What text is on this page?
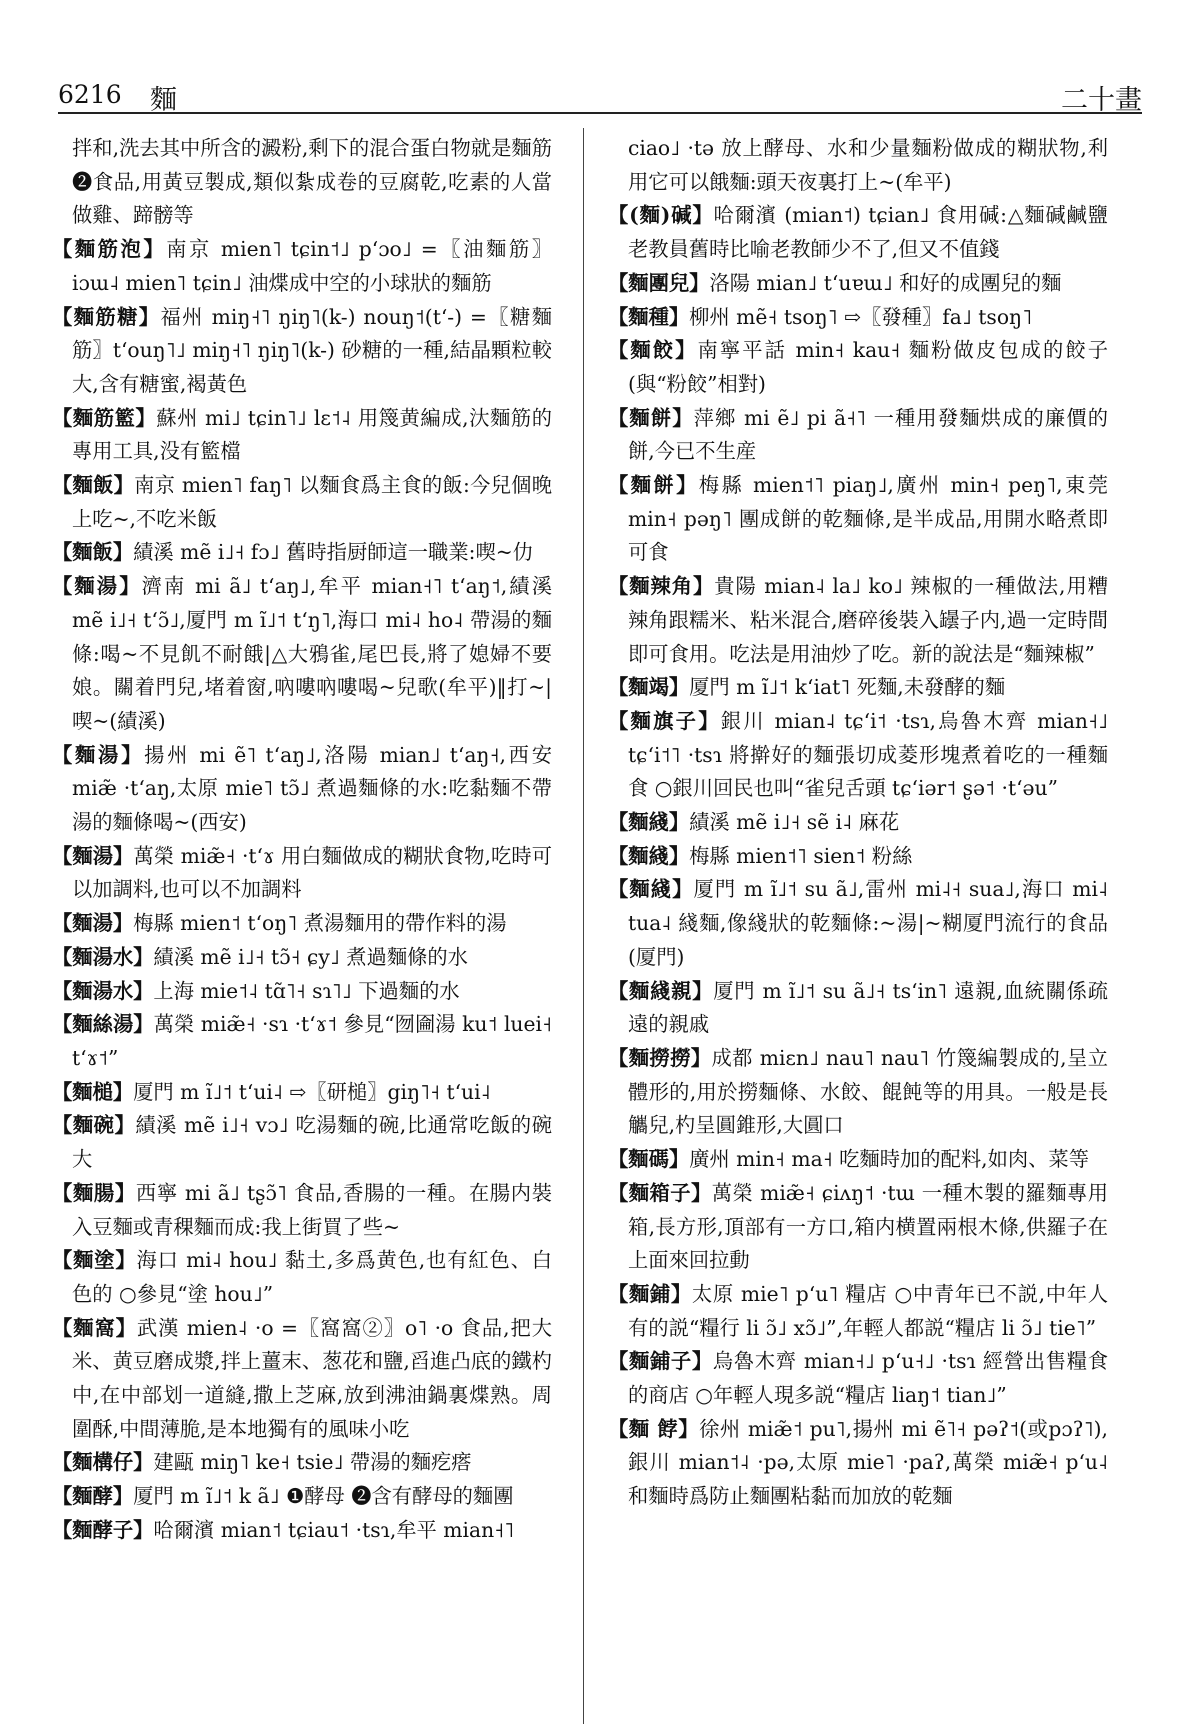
6216 麵	二十畫

拌和,洗去其中所含的澱粉,剩下的混合蛋白物就是麵筋 ❷食品,用黃豆製成,類似紮成卷的豆腐乾,吃素的人當做雞、蹄髈等

【麵筋泡】南京 mien˥ tɕin˦˩ pʻɔo˩ =〖油麵筋〗iɔɯ˨ mien˥ tɕin˩ 油煠成中空的小球狀的麵筋

【麵筋糖】福州 miŋ˧˥ ŋiŋ˥(k-) nouŋ˦(tʻ-) =〖糖麵筋〗tʻouŋ˥˩ miŋ˧˥ ŋiŋ˥(k-) 砂糖的一種,結晶顆粒較大,含有糖蜜,褐黃色

【麵筋籃】蘇州 mi˩ tɕin˥˩ lɛ˦˨ 用篾黄編成,汏麵筋的專用工具,没有籃檔

【麵飯】南京 mien˥ faŋ˥ 以麵食爲主食的飯:今兒個晚上吃~,不吃米飯

【麵飯】績溪 mẽ i˩˧ fɔ˩ 舊時指厨師這一職業:喫~仂

【麵湯】濟南 mi ã˩ tʻaŋ˩,牟平 mian˧˥ tʻaŋ˦,績溪 mẽ i˩˧ tʻɔ̃˩,厦門 m ĩ˩˦ tʻŋ˥,海口 mi˨ ho˨ 帶湯的麵條:喝~不見飢不耐餓|△大鴉雀,尾巴長,將了媳婦不要娘。關着門兒,堵着窗,吶嘍吶嘍喝~兒歌(牟平)‖打~|喫~(績溪)

【麵湯】揚州 mi ẽ˥ tʻaŋ˩,洛陽 mian˩ tʻaŋ˧,西安 miæ̃ ·tʻaŋ,太原 mie˥ tɔ̃˩ 煮過麵條的水:吃黏麵不帶湯的麵條喝~(西安)

【麵湯】萬榮 miæ̃˧ ·tʻɤ 用白麵做成的糊狀食物,吃時可以加調料,也可以不加調料

【麵湯】梅縣 mien˦ tʻoŋ˥ 煮湯麵用的帶作料的湯

【麵湯水】績溪 mẽ i˩˧ tɔ̃˧ ɕy˩ 煮過麵條的水

【麵湯水】上海 mie˦˨ tɑ̃˥˧ sɿ˥˩ 下過麵的水

【麵絲湯】萬榮 miæ̃˧ ·sɿ ·tʻɤ˦ 參見“囫圇湯 ku˦ luei˧ tʻɤ˦”

【麵槌】厦門 m ĩ˩˦ tʻui˨ ⇨〖研槌〗giŋ˥˧ tʻui˨

【麵碗】績溪 mẽ i˩˧ vɔ˩ 吃湯麵的碗,比通常吃飯的碗大

【麵腸】西寧 mi ã˩ tʂɔ̃˥ 食品,香腸的一種。在腸内裝入豆麵或青稞麵而成:我上街買了些~

【麵塗】海口 mi˨ hou˩ 黏土,多爲黄色,也有紅色、白色的 ○參見“塗 hou˩”

【麵窩】武漢 mien˨ ·o =〖窩窩②〗o˥ ·o 食品,把大米、黄豆磨成漿,拌上薑末、葱花和鹽,舀進凸底的鐵杓中,在中部划一道縫,撒上芝麻,放到沸油鍋裏煠熟。周圍酥,中間薄脆,是本地獨有的風味小吃

【麵構仔】建甌 miŋ˥ ke˧ tsie˩ 帶湯的麵疙瘩

【麵酵】厦門 m ĩ˩˦ k ã˩ ❶酵母 ❷含有酵母的麵團

【麵酵子】哈爾濱 mian˦ tɕiau˦ ·tsɿ,牟平 mian˧˥

ciao˩ ·tə 放上酵母、水和少量麵粉做成的糊狀物,利用它可以餓麵:頭天夜裏打上~(牟平)

【(麵)碱】哈爾濱 (mian˦) tɕian˩ 食用碱:△麵碱鹹鹽老教員舊時比喻老教師少不了,但又不值錢

【麵團兒】洛陽 mian˩ tʻuɐɯ˩ 和好的成團兒的麵

【麵種】柳州 mẽ˧ tsoŋ˥ ⇨〖發種〗fa˩ tsoŋ˥

【麵餃】南寧平話 min˧ kau˧ 麵粉做皮包成的餃子(與“粉餃”相對)

【麵餅】萍鄉 mi ẽ˩ pi ã˧˥ 一種用發麵烘成的廉價的餅,今已不生産

【麵餅】梅縣 mien˦˥ piaŋ˩,廣州 min˧ peŋ˥,東莞 min˧ pəŋ˥ 團成餅的乾麵條,是半成品,用開水略煮即可食

【麵辣角】貴陽 mian˨ la˩ ko˩ 辣椒的一種做法,用糟辣角跟糯米、粘米混合,磨碎後裝入罎子内,過一定時間即可食用。吃法是用油炒了吃。新的說法是“麵辣椒”

【麵竭】厦門 m ĩ˩˦ kʻiat˥ 死麵,未發酵的麵

【麵旗子】銀川 mian˨ tɕʻi˦ ·tsɿ,烏魯木齊 mian˧˩ tɕʻi˦˥ ·tsɿ 將擀好的麵張切成菱形塊煮着吃的一種麵食 ○銀川回民也叫“雀兒舌頭 tɕʻiər˦ ʂə˦ ·tʻəu”

【麵綫】績溪 mẽ i˩˧ sẽ i˨ 麻花

【麵綫】梅縣 mien˦˥ sien˦ 粉絲

【麵綫】厦門 m ĩ˩˦ su ã˩,雷州 mi˨˧ sua˩,海口 mi˨ tua˨ 綫麵,像綫狀的乾麵條:~湯|~糊厦門流行的食品(厦門)

【麵綫親】厦門 m ĩ˩˦ su ã˩˧ tsʻin˥ 遠親,血統關係疏遠的親戚

【麵撈撈】成都 miɛn˩ nau˥ nau˥ 竹篾編製成的,呈立體形的,用於撈麵條、水餃、餛飩等的用具。一般是長觿兒,杓呈圓錐形,大圓口

【麵碼】廣州 min˧ ma˧ 吃麵時加的配料,如肉、菜等

【麵箱子】萬榮 miæ̃˧ ɕiʌŋ˦ ·tɯ 一種木製的羅麵專用箱,長方形,頂部有一方口,箱内横置兩根木條,供羅子在上面來回拉動

【麵鋪】太原 mie˥ pʻu˥ 糧店 ○中青年已不説,中年人有的説“糧行 li ɔ̃˩ xɔ̃˩”,年輕人都説“糧店 li ɔ̃˩ tie˥”

【麵鋪子】烏魯木齊 mian˧˩ pʻu˧˩ ·tsɿ 經營出售糧食的商店 ○年輕人現多説“糧店 liaŋ˦ tian˩”

【麵 餑】徐州 miæ̃˦ pu˥,揚州 mi ẽ˥˧ pəʔ˦(或pɔʔ˥),銀川 mian˦˨ ·pə,太原 mie˥ ·paʔ,萬榮 miæ̃˧ pʻu˨ 和麵時爲防止麵團粘黏而加放的乾麵
